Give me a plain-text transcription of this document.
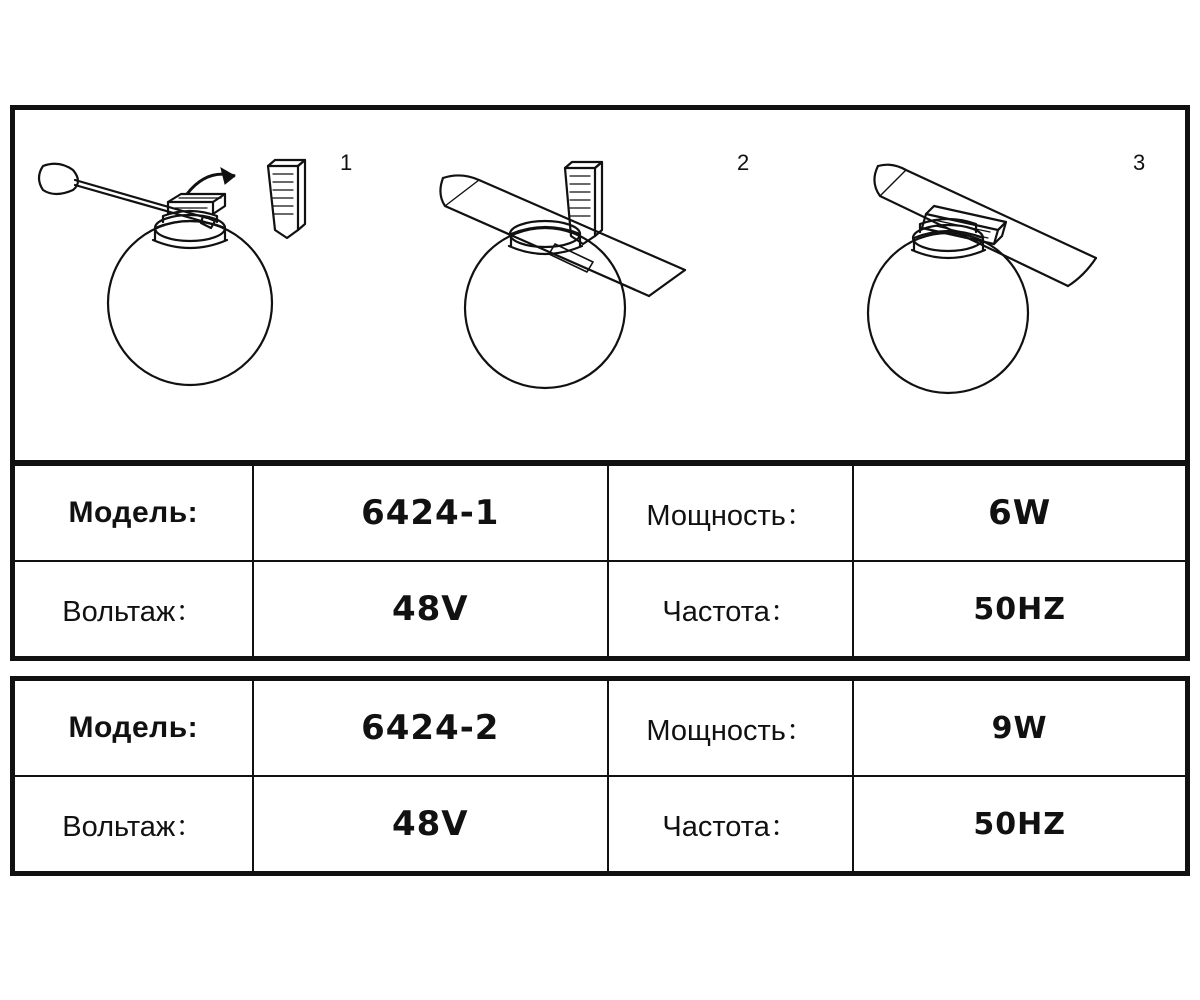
1	2	3
Модель:	6424-1	Мощность：	6W
Вольтаж：	48V	Частота：	50HZ
Модель:	6424-2	Мощность：	9W
Вольтаж：	48V	Частота：	50HZ
